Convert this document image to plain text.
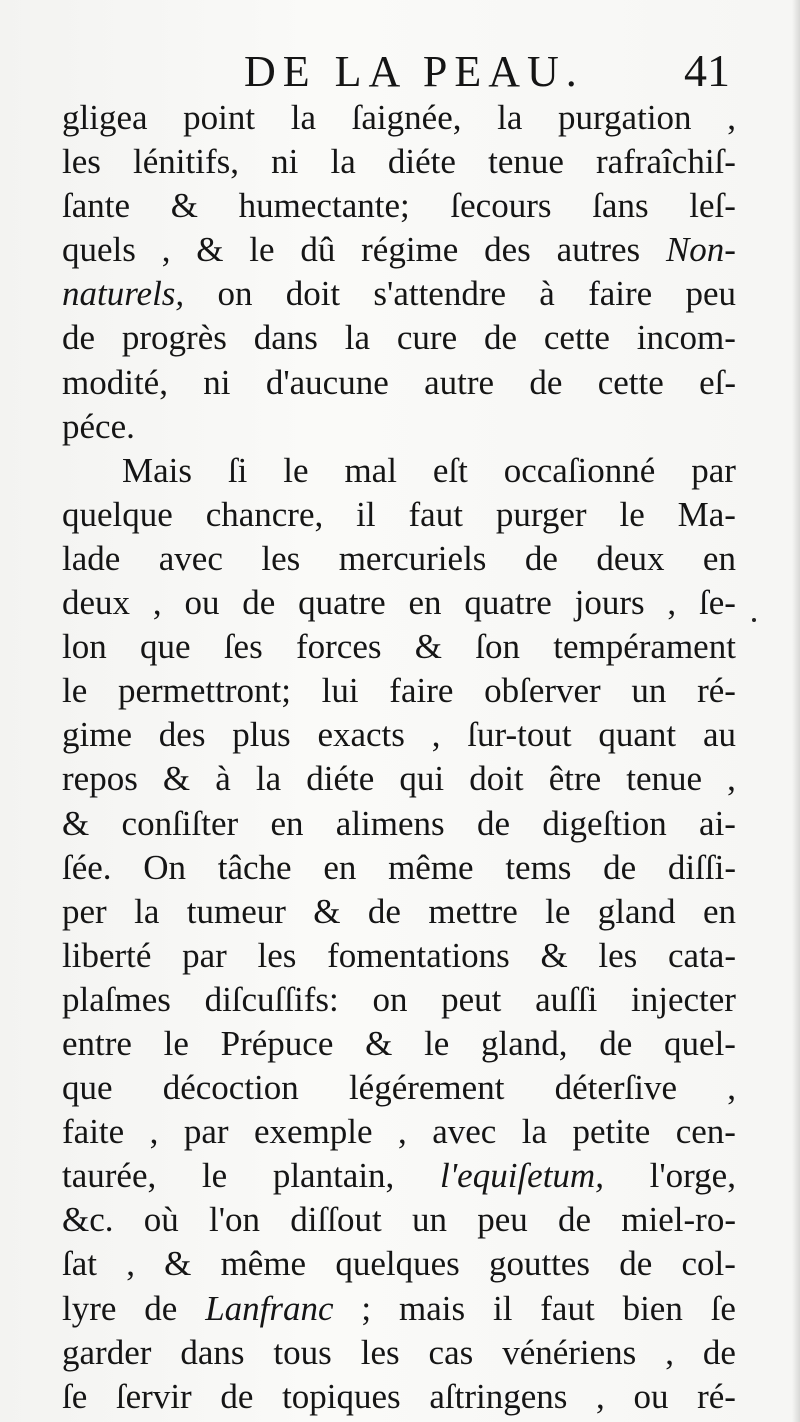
DE LA PEAU. 41
gligea point la ſaignée, la purgation ,
les lénitifs, ni la diéte tenue rafraîchiſ-
ſante & humectante; ſecours ſans leſ-
quels , & le dû régime des autres Non-
naturels, on doit s'attendre à faire peu
de progrès dans la cure de cette incom-
modité, ni d'aucune autre de cette eſ-
péce.
Mais ſi le mal eſt occaſionné par
quelque chancre, il faut purger le Ma-
lade avec les mercuriels de deux en
deux , ou de quatre en quatre jours , ſe-
lon que ſes forces & ſon tempérament
le permettront; lui faire obſerver un ré-
gime des plus exacts , ſur-tout quant au
repos & à la diéte qui doit être tenue ,
& conſiſter en alimens de digeſtion ai-
ſée. On tâche en même tems de diſſi-
per la tumeur & de mettre le gland en
liberté par les fomentations & les cata-
plaſmes diſcuſſifs: on peut auſſi injecter
entre le Prépuce & le gland, de quel-
que décoction légérement déterſive ,
faite , par exemple , avec la petite cen-
taurée, le plantain, l'equiſetum, l'orge,
&c. où l'on diſſout un peu de miel-ro-
ſat , & même quelques gouttes de col-
lyre de Lanfranc ; mais il faut bien ſe
garder dans tous les cas vénériens , de
ſe ſervir de topiques aſtringens , ou ré-
